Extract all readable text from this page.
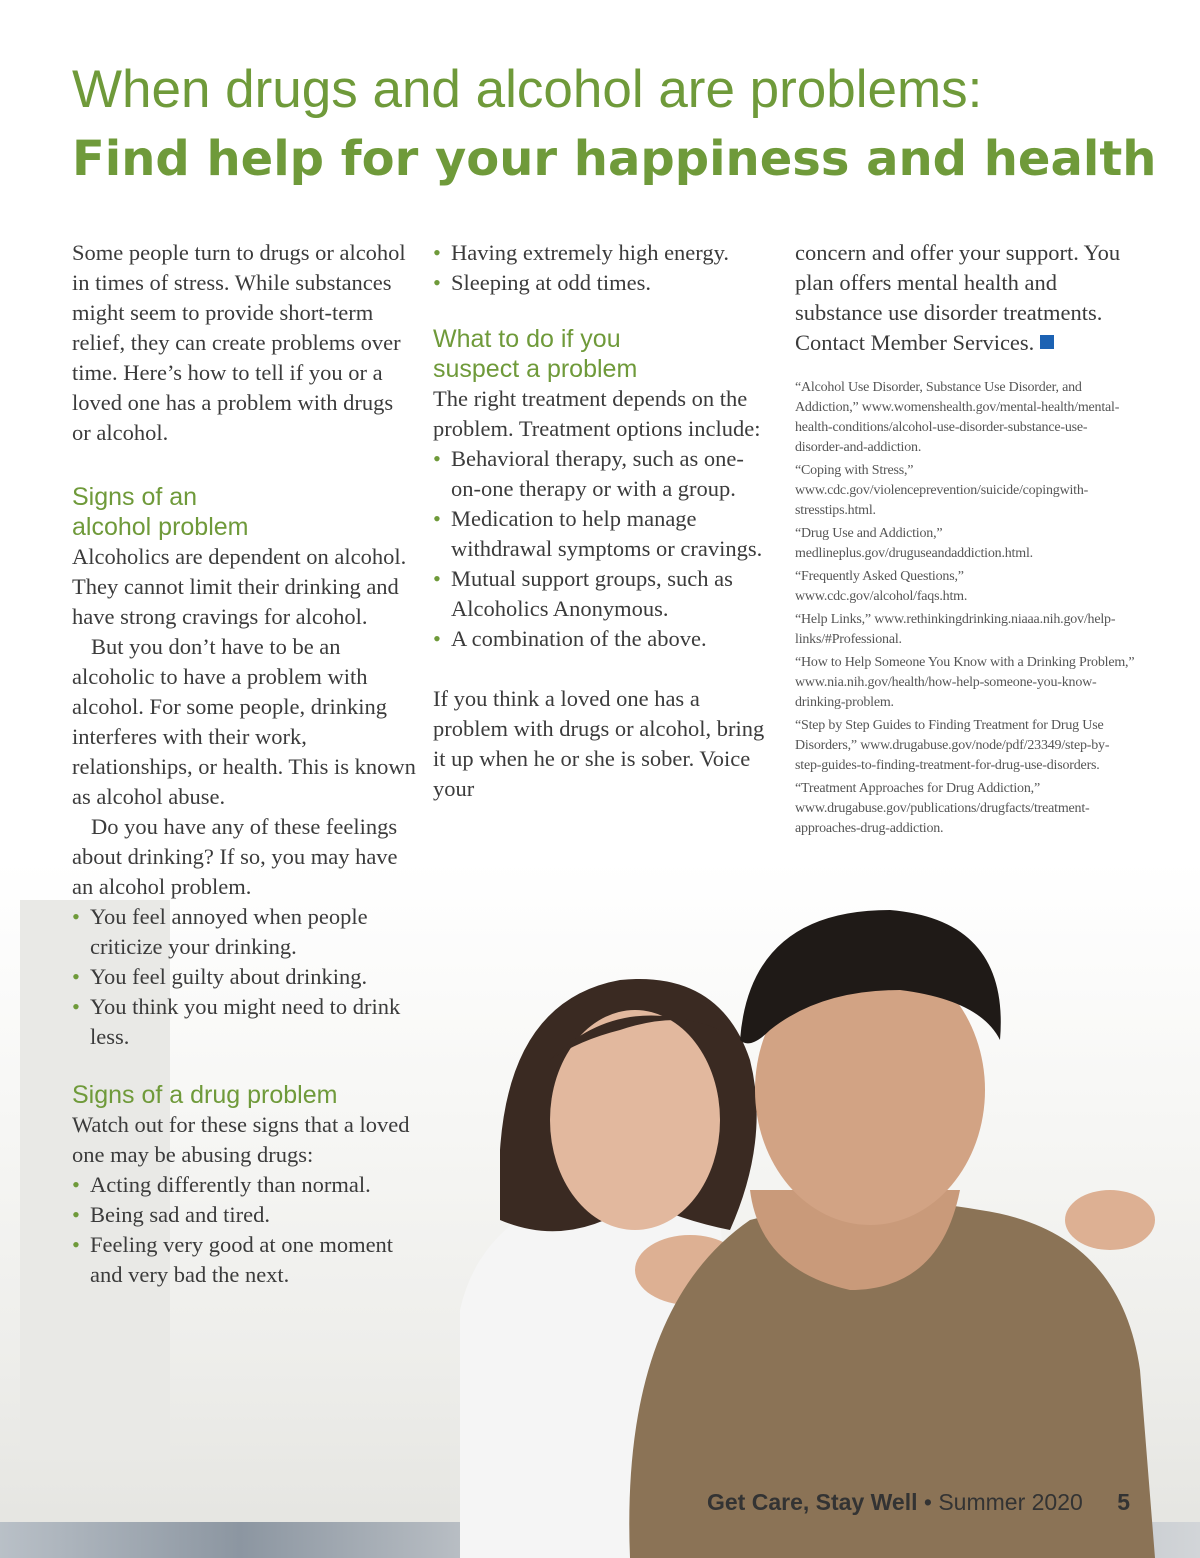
When drugs and alcohol are problems:
Find help for your happiness and health

Some people turn to drugs or alcohol in times of stress. While substances might seem to provide short-term relief, they can create problems over time. Here’s how to tell if you or a loved one has a problem with drugs or alcohol.

Signs of an
alcohol problem

Alcoholics are dependent on alcohol. They cannot limit their drinking and have strong cravings for alcohol.

But you don’t have to be an alcoholic to have a problem with alcohol. For some people, drinking interferes with their work, relationships, or health. This is known as alcohol abuse.

Do you have any of these feelings about drinking? If so, you may have an alcohol problem.

• You feel annoyed when people criticize your drinking.
• You feel guilty about drinking.
• You think you might need to drink less.
Signs of a drug problem

Watch out for these signs that a loved one may be abusing drugs:

• Acting differently than normal.
• Being sad and tired.
• Feeling very good at one moment and very bad the next.
• Having extremely high energy.
• Sleeping at odd times.
What to do if you
suspect a problem

The right treatment depends on the problem. Treatment options include:

• Behavioral therapy, such as one-on-one therapy or with a group.
• Medication to help manage withdrawal symptoms or cravings.
• Mutual support groups, such as Alcoholics Anonymous.
• A combination of the above.

If you think a loved one has a problem with drugs or alcohol, bring it up when he or she is sober. Voice your

concern and offer your support. You plan offers mental health and substance use disorder treatments. Contact Member Services.

“Alcohol Use Disorder, Substance Use Disorder, and Addiction,” www.womenshealth.gov/mental-health/mental-health-conditions/alcohol-use-disorder-substance-use-disorder-and-addiction.

“Coping with Stress,” www.cdc.gov/violenceprevention/suicide/copingwith-stresstips.html.

“Drug Use and Addiction,” medlineplus.gov/druguseandaddiction.html.

“Frequently Asked Questions,” www.cdc.gov/alcohol/faqs.htm.

“Help Links,” www.rethinkingdrinking.niaaa.nih.gov/help-links/#Professional.

“How to Help Someone You Know with a Drinking Problem,” www.nia.nih.gov/health/how-help-someone-you-know-drinking-problem.

“Step by Step Guides to Finding Treatment for Drug Use Disorders,” www.drugabuse.gov/node/pdf/23349/step-by-step-guides-to-finding-treatment-for-drug-use-disorders.

“Treatment Approaches for Drug Addiction,” www.drugabuse.gov/publications/drugfacts/treatment-approaches-drug-addiction.

Get Care, Stay Well • Summer 2020 5
